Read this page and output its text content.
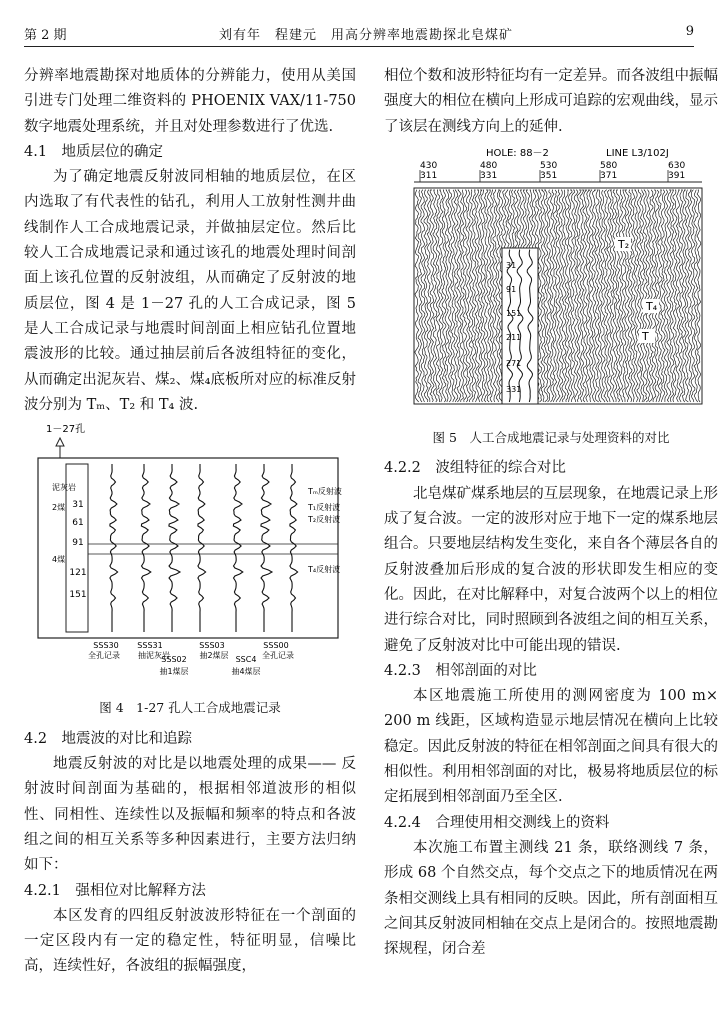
第 2 期	刘有年　程建元　用高分辨率地震勘探北皂煤矿	9

分辨率地震勘探对地质体的分辨能力，使用从美国引进专门处理二维资料的 PHOENIX VAX/11-750 数字地震处理系统，并且对处理参数进行了优选.

4.1　地质层位的确定

为了确定地震反射波同相轴的地质层位，在区内选取了有代表性的钻孔，利用人工放射性测井曲线制作人工合成地震记录，并做抽层定位。然后比较人工合成地震记录和通过该孔的地震处理时间剖面上该孔位置的反射波组，从而确定了反射波的地质层位，图 4 是 1－27 孔的人工合成记录，图 5 是人工合成记录与地震时间剖面上相应钻孔位置地震波形的比较。通过抽层前后各波组特征的变化，从而确定出泥灰岩、煤₂、煤₄底板所对应的标准反射波分别为 Tₘ、T₂ 和 T₄ 波.

1－27孔
31
61
91
121
151
泥灰岩
2煤
4煤
Tₘ反射波
T₁反射波
T₂反射波
T₄反射波
SSS30 SSS31	SSS03	SSS00
SSS02	SSC4
全孔记录 抽泥灰岩	抽2煤层	全孔记录
抽1煤层	抽4煤层

图 4　1-27 孔人工合成地震记录

4.2　地震波的对比和追踪

地震反射波的对比是以地震处理的成果—— 反射波时间剖面为基础的，根据相邻道波形的相似性、同相性、连续性以及振幅和频率的特点和各波组之间的相互关系等多种因素进行，主要方法归纳如下：

4.2.1　强相位对比解释方法

本区发育的四组反射波波形特征在一个剖面的一定区段内有一定的稳定性，特征明显，信噪比高，连续性好，各波组的振幅强度，

相位个数和波形特征均有一定差异。而各波组中振幅强度大的相位在横向上形成可追踪的宏观曲线，显示了该层在测线方向上的延伸.

HOLE: 88－2	LINE L3/102J
430
311
480
331
530
351
580
371
630
391
31
91
151
211
271
331
T₂
T₄
T

图 5　人工合成地震记录与处理资料的对比

4.2.2　波组特征的综合对比

北皂煤矿煤系地层的互层现象，在地震记录上形成了复合波。一定的波形对应于地下一定的煤系地层组合。只要地层结构发生变化，来自各个薄层各自的反射波叠加后形成的复合波的形状即发生相应的变化。因此，在对比解释中，对复合波两个以上的相位进行综合对比，同时照顾到各波组之间的相互关系，避免了反射波对比中可能出现的错误.

4.2.3　相邻剖面的对比

本区地震施工所使用的测网密度为 100 m× 200 m 线距，区域构造显示地层情况在横向上比较稳定。因此反射波的特征在相邻剖面之间具有很大的相似性。利用相邻剖面的对比，极易将地质层位的标定拓展到相邻剖面乃至全区.

4.2.4　合理使用相交测线上的资料

本次施工布置主测线 21 条，联络测线 7 条，形成 68 个自然交点，每个交点之下的地质情况在两条相交测线上具有相同的反映。因此，所有剖面相互之间其反射波同相轴在交点上是闭合的。按照地震勘探规程，闭合差
